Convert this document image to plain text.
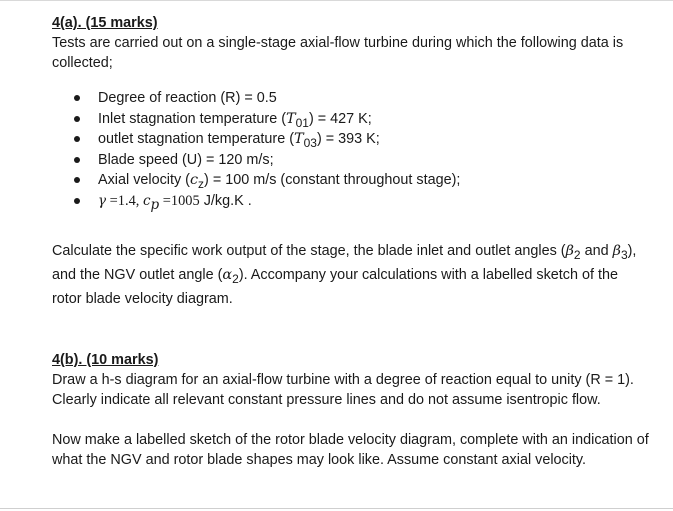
4(a). (15 marks)

Tests are carried out on a single-stage axial-flow turbine during which the following data is collected;

Degree of reaction (R) = 0.5
Inlet stagnation temperature $(T_{01}) = 427$ K;
outlet stagnation temperature $(T_{03}) = 393$ K;
Blade speed (U) = 120 m/s;
Axial velocity $(c_z) = 100$ m/s (constant throughout stage);
γ =1.4, $c_p =1005$ J/kg.K .

Calculate the specific work output of the stage, the blade inlet and outlet angles ($\beta_2$ and $\beta_3$),
and the NGV outlet angle $(\alpha_2)$. Accompany your calculations with a labelled sketch of the
rotor blade velocity diagram.

4(b). (10 marks)

Draw a h-s diagram for an axial-flow turbine with a degree of reaction equal to unity (R = 1). Clearly indicate all relevant constant pressure lines and do not assume isentropic flow.

Now make a labelled sketch of the rotor blade velocity diagram, complete with an indication of what the NGV and rotor blade shapes may look like. Assume constant axial velocity.
